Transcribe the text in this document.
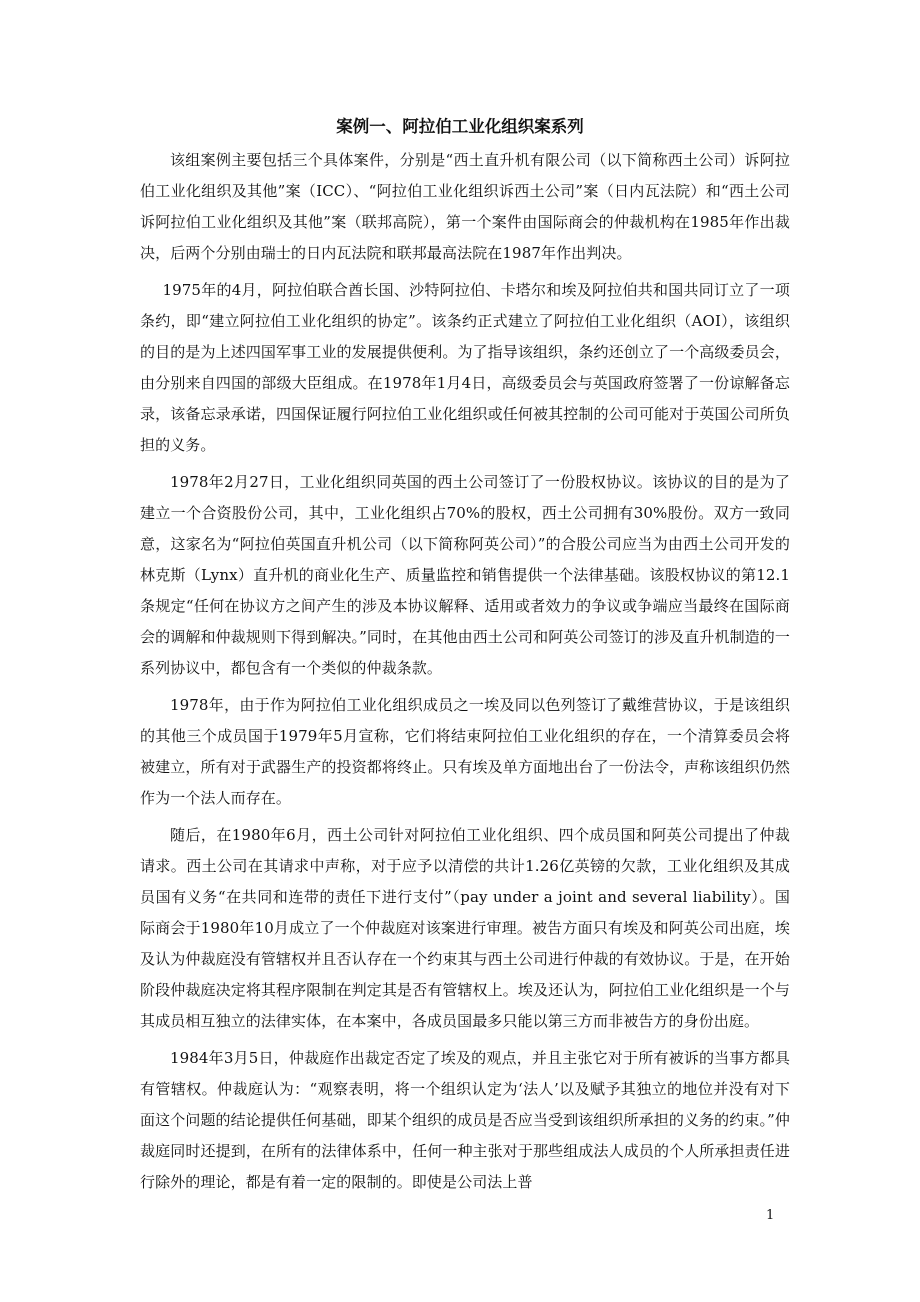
案例一、阿拉伯工业化组织案系列

该组案例主要包括三个具体案件，分别是“西土直升机有限公司（以下简称西土公司）诉阿拉伯工业化组织及其他”案（ICC）、“阿拉伯工业化组织诉西土公司”案（日内瓦法院）和“西土公司诉阿拉伯工业化组织及其他”案（联邦高院），第一个案件由国际商会的仲裁机构在1985年作出裁决，后两个分别由瑞士的日内瓦法院和联邦最高法院在1987年作出判决。

1975年的4月，阿拉伯联合酋长国、沙特阿拉伯、卡塔尔和埃及阿拉伯共和国共同订立了一项条约，即“建立阿拉伯工业化组织的协定”。该条约正式建立了阿拉伯工业化组织（AOI），该组织的目的是为上述四国军事工业的发展提供便利。为了指导该组织，条约还创立了一个高级委员会，由分别来自四国的部级大臣组成。在1978年1月4日，高级委员会与英国政府签署了一份谅解备忘录，该备忘录承诺，四国保证履行阿拉伯工业化组织或任何被其控制的公司可能对于英国公司所负担的义务。

1978年2月27日，工业化组织同英国的西土公司签订了一份股权协议。该协议的目的是为了建立一个合资股份公司，其中，工业化组织占70%的股权，西土公司拥有30%股份。双方一致同意，这家名为“阿拉伯英国直升机公司（以下简称阿英公司）”的合股公司应当为由西土公司开发的林克斯（Lynx）直升机的商业化生产、质量监控和销售提供一个法律基础。该股权协议的第12.1条规定“任何在协议方之间产生的涉及本协议解释、适用或者效力的争议或争端应当最终在国际商会的调解和仲裁规则下得到解决。”同时，在其他由西土公司和阿英公司签订的涉及直升机制造的一系列协议中，都包含有一个类似的仲裁条款。

1978年，由于作为阿拉伯工业化组织成员之一埃及同以色列签订了戴维营协议，于是该组织的其他三个成员国于1979年5月宣称，它们将结束阿拉伯工业化组织的存在，一个清算委员会将被建立，所有对于武器生产的投资都将终止。只有埃及单方面地出台了一份法令，声称该组织仍然作为一个法人而存在。

随后，在1980年6月，西土公司针对阿拉伯工业化组织、四个成员国和阿英公司提出了仲裁请求。西土公司在其请求中声称，对于应予以清偿的共计1.26亿英镑的欠款，工业化组织及其成员国有义务“在共同和连带的责任下进行支付”（pay under a joint and several liability）。国际商会于1980年10月成立了一个仲裁庭对该案进行审理。被告方面只有埃及和阿英公司出庭，埃及认为仲裁庭没有管辖权并且否认存在一个约束其与西土公司进行仲裁的有效协议。于是，在开始阶段仲裁庭决定将其程序限制在判定其是否有管辖权上。埃及还认为，阿拉伯工业化组织是一个与其成员相互独立的法律实体，在本案中，各成员国最多只能以第三方而非被告方的身份出庭。

1984年3月5日，仲裁庭作出裁定否定了埃及的观点，并且主张它对于所有被诉的当事方都具有管辖权。仲裁庭认为：“观察表明，将一个组织认定为‘法人’以及赋予其独立的地位并没有对下面这个问题的结论提供任何基础，即某个组织的成员是否应当受到该组织所承担的义务的约束。”仲裁庭同时还提到，在所有的法律体系中，任何一种主张对于那些组成法人成员的个人所承担责任进行除外的理论，都是有着一定的限制的。即使是公司法上普

1
